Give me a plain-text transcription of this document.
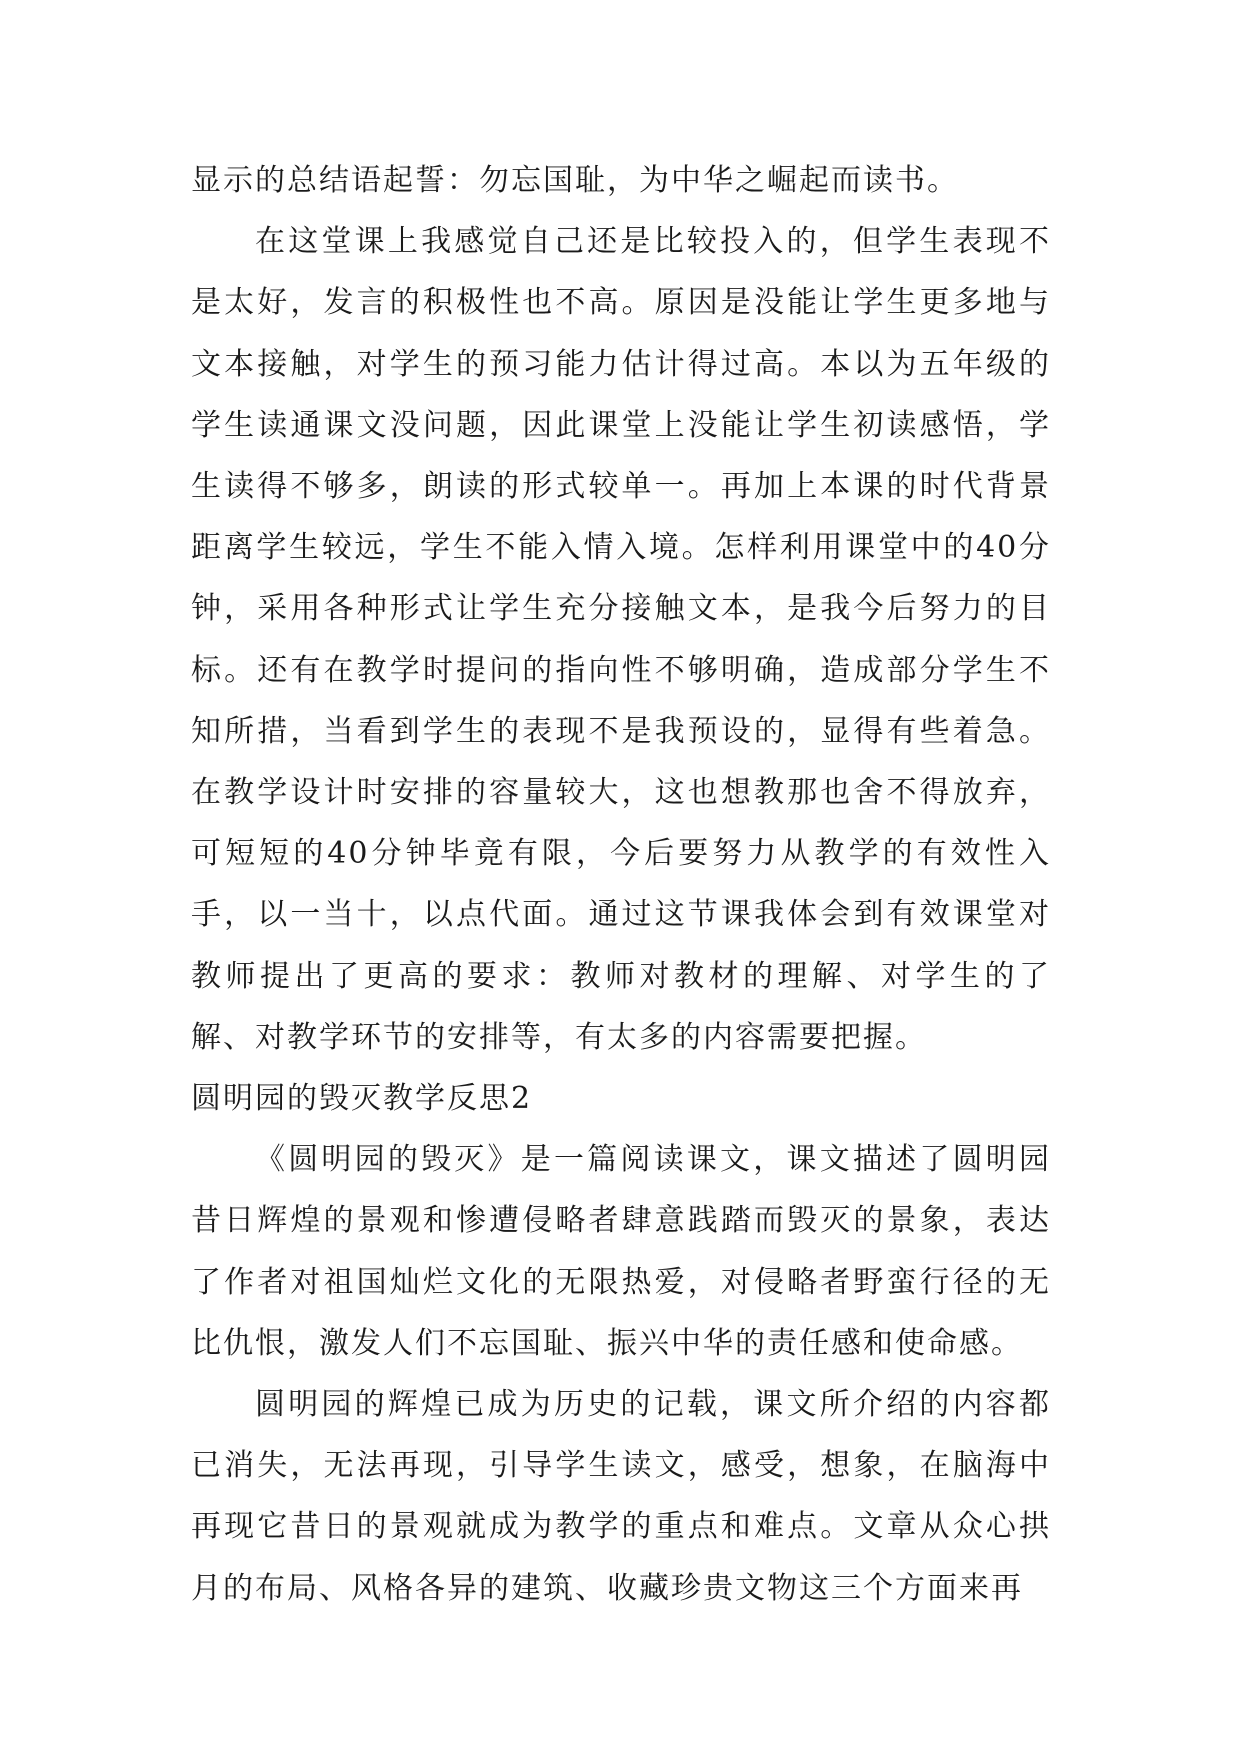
显示的总结语起誓：勿忘国耻，为中华之崛起而读书。

在这堂课上我感觉自己还是比较投入的，但学生表现不是太好，发言的积极性也不高。原因是没能让学生更多地与文本接触，对学生的预习能力估计得过高。本以为五年级的学生读通课文没问题，因此课堂上没能让学生初读感悟，学生读得不够多，朗读的形式较单一。再加上本课的时代背景距离学生较远，学生不能入情入境。怎样利用课堂中的40分钟，采用各种形式让学生充分接触文本，是我今后努力的目标。还有在教学时提问的指向性不够明确，造成部分学生不知所措，当看到学生的表现不是我预设的，显得有些着急。在教学设计时安排的容量较大，这也想教那也舍不得放弃，可短短的40分钟毕竟有限，今后要努力从教学的有效性入手，以一当十，以点代面。通过这节课我体会到有效课堂对教师提出了更高的要求：教师对教材的理解、对学生的了解、对教学环节的安排等，有太多的内容需要把握。

圆明园的毁灭教学反思2

《圆明园的毁灭》是一篇阅读课文，课文描述了圆明园昔日辉煌的景观和惨遭侵略者肆意践踏而毁灭的景象，表达了作者对祖国灿烂文化的无限热爱，对侵略者野蛮行径的无比仇恨，激发人们不忘国耻、振兴中华的责任感和使命感。

圆明园的辉煌已成为历史的记载，课文所介绍的内容都已消失，无法再现，引导学生读文，感受，想象，在脑海中再现它昔日的景观就成为教学的重点和难点。文章从众心拱月的布局、风格各异的建筑、收藏珍贵文物这三个方面来再
